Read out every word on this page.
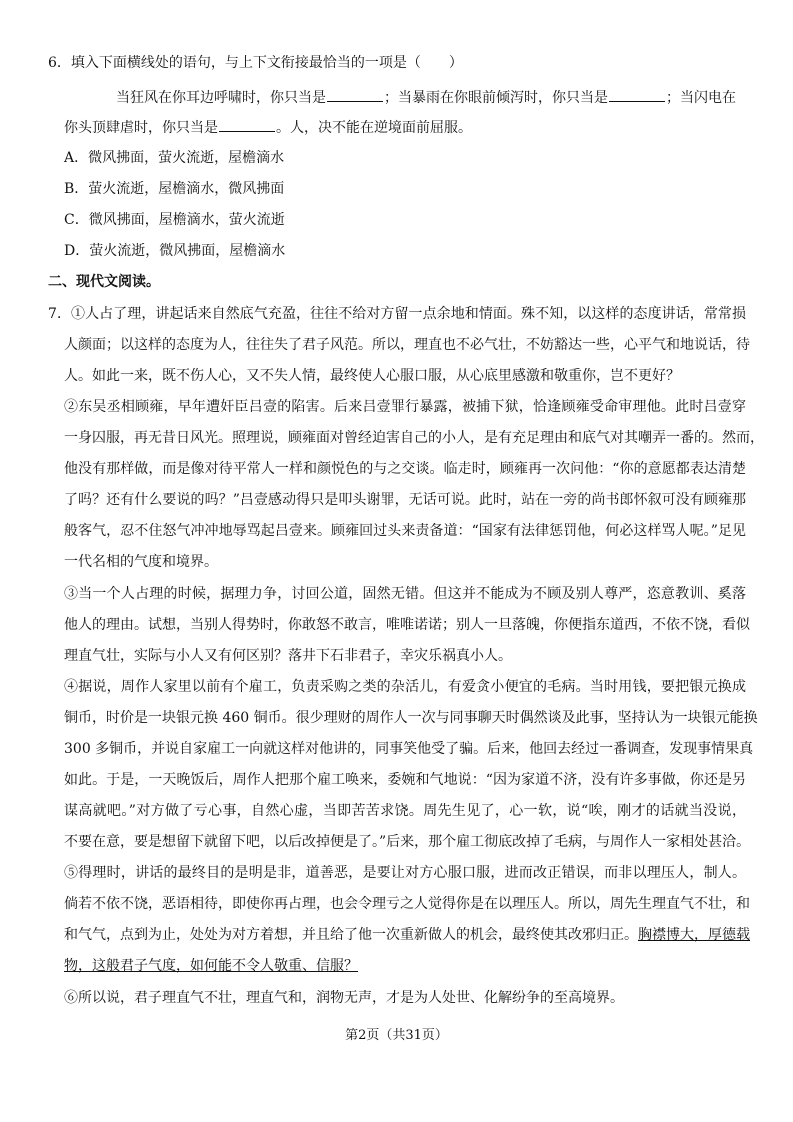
6．填入下面横线处的语句，与上下文衔接最恰当的一项是（　　）
当狂风在你耳边呼啸时，你只当是	；当暴雨在你眼前倾泻时，你只当是	；当闪电在
你头顶肆虐时，你只当是	。人，决不能在逆境面前屈服。
A．微风拂面，萤火流逝，屋檐滴水
B．萤火流逝，屋檐滴水，微风拂面
C．微风拂面，屋檐滴水，萤火流逝
D．萤火流逝，微风拂面，屋檐滴水
二、现代文阅读。
7．①人占了理，讲起话来自然底气充盈，往往不给对方留一点余地和情面。殊不知，以这样的态度讲话，常常损
人颜面；以这样的态度为人，往往失了君子风范。所以，理直也不必气壮，不妨豁达一些，心平气和地说话，待
人。如此一来，既不伤人心，又不失人情，最终使人心服口服，从心底里感激和敬重你，岂不更好？
②东吴丞相顾雍，早年遭奸臣吕壹的陷害。后来吕壹罪行暴露，被捕下狱，恰逢顾雍受命审理他。此时吕壹穿
一身囚服，再无昔日风光。照理说，顾雍面对曾经迫害自己的小人，是有充足理由和底气对其嘲弄一番的。然而，
他没有那样做，而是像对待平常人一样和颜悦色的与之交谈。临走时，顾雍再一次问他：“你的意愿都表达清楚
了吗？还有什么要说的吗？”吕壹感动得只是叩头谢罪，无话可说。此时，站在一旁的尚书郎怀叙可没有顾雍那
般客气，忍不住怒气冲冲地辱骂起吕壹来。顾雍回过头来责备道：“国家有法律惩罚他，何必这样骂人呢。”足见
一代名相的气度和境界。
③当一个人占理的时候，据理力争，讨回公道，固然无错。但这并不能成为不顾及别人尊严，恣意教训、奚落
他人的理由。试想，当别人得势时，你敢怒不敢言，唯唯诺诺；别人一旦落魄，你便指东道西，不依不饶，看似
理直气壮，实际与小人又有何区别？落井下石非君子，幸灾乐祸真小人。
④据说，周作人家里以前有个雇工，负责采购之类的杂活儿，有爱贪小便宜的毛病。当时用钱，要把银元换成
铜币，时价是一块银元换 460 铜币。很少理财的周作人一次与同事聊天时偶然谈及此事，坚持认为一块银元能换
300 多铜币，并说自家雇工一向就这样对他讲的，同事笑他受了骗。后来，他回去经过一番调查，发现事情果真
如此。于是，一天晚饭后，周作人把那个雇工唤来，委婉和气地说：“因为家道不济，没有许多事做，你还是另
谋高就吧。”对方做了亏心事，自然心虚，当即苦苦求饶。周先生见了，心一软，说“唉，刚才的话就当没说，
不要在意，要是想留下就留下吧，以后改掉便是了。”后来，那个雇工彻底改掉了毛病，与周作人一家相处甚洽。
⑤得理时，讲话的最终目的是明是非，道善恶，是要让对方心服口服，进而改正错误，而非以理压人，制人。
倘若不依不饶，恶语相待，即使你再占理，也会令理亏之人觉得你是在以理压人。所以，周先生理直气不壮，和
和气气，点到为止，处处为对方着想，并且给了他一次重新做人的机会，最终使其改邪归正。胸襟博大，厚德载
物，这般君子气度，如何能不令人敬重、信服？
⑥所以说，君子理直气不壮，理直气和，润物无声，才是为人处世、化解纷争的至高境界。
第2页（共31页）
